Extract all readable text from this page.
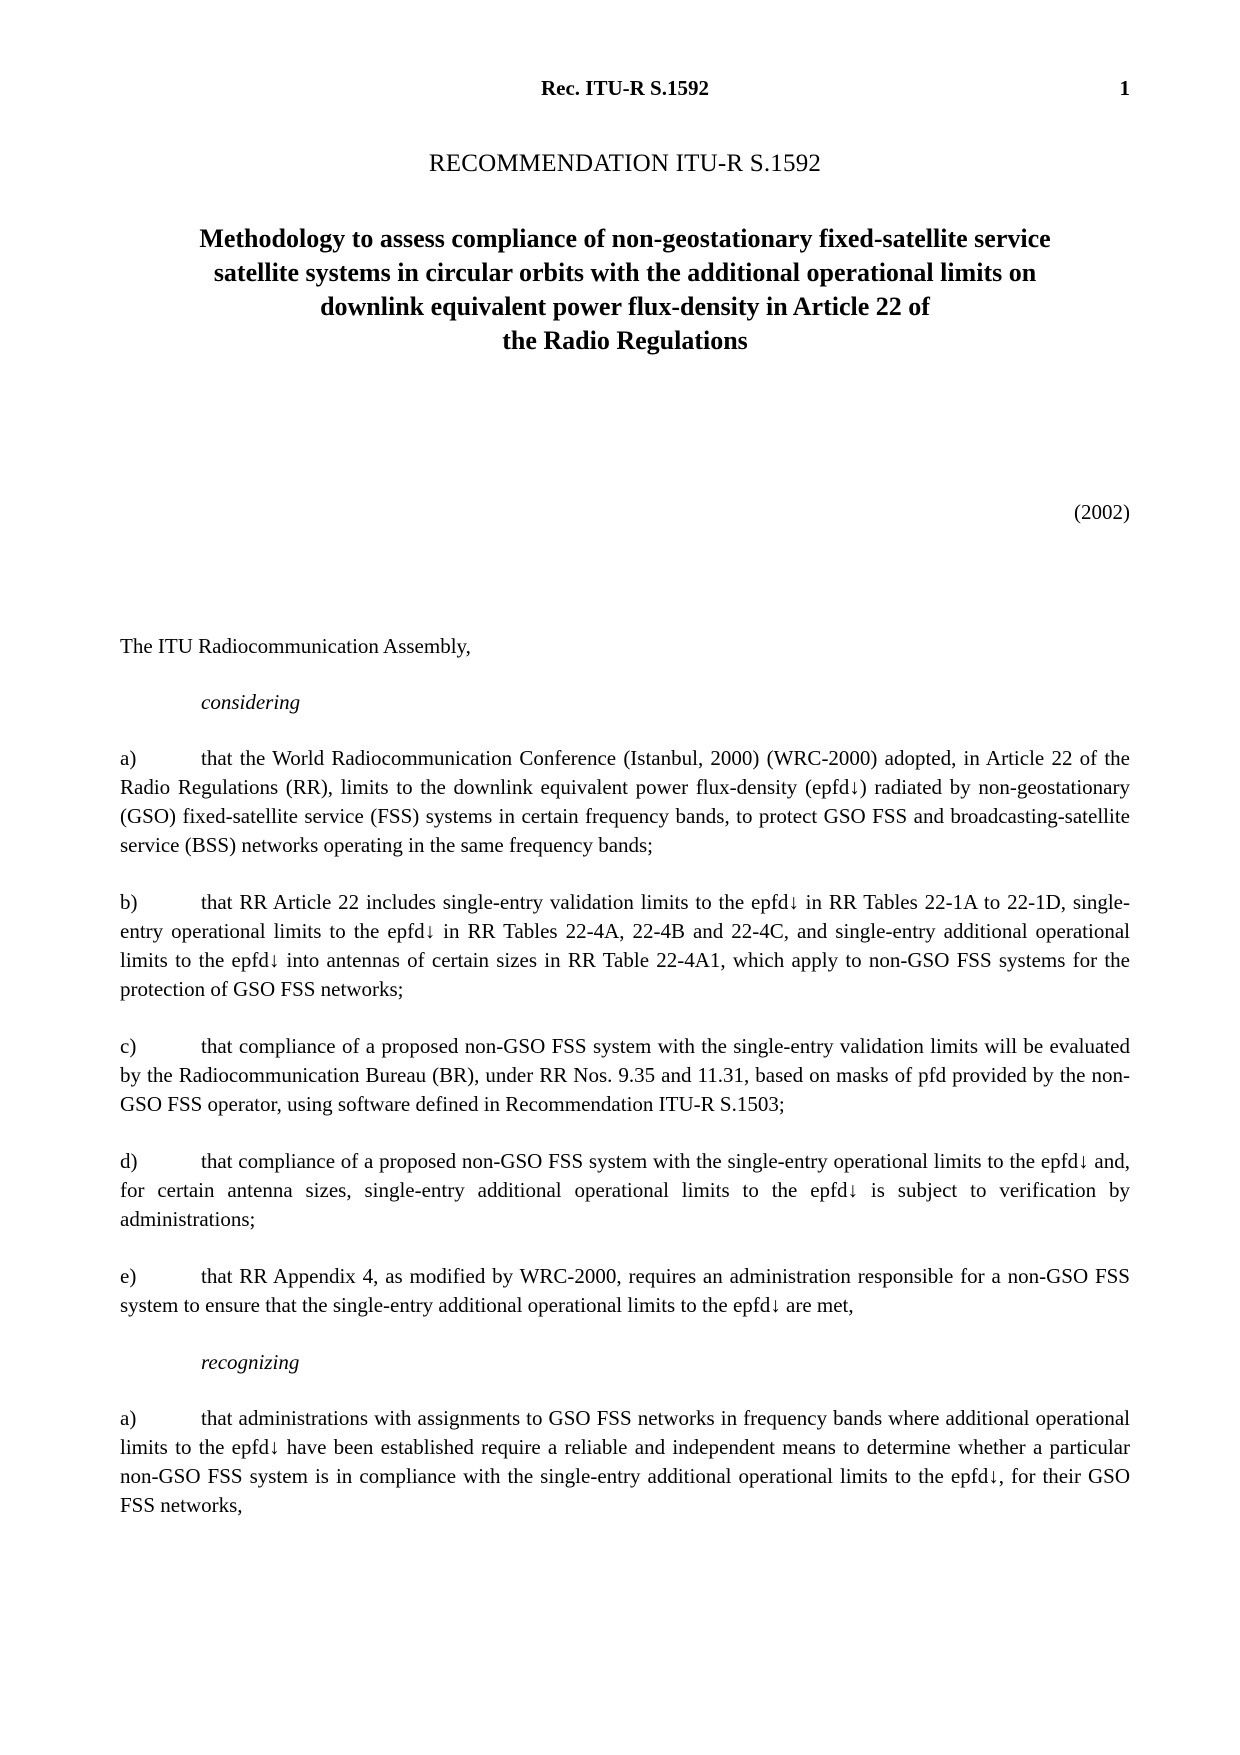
Rec. ITU-R S.1592	1
RECOMMENDATION ITU-R S.1592
Methodology to assess compliance of non-geostationary fixed-satellite service
satellite systems in circular orbits with the additional operational limits on
downlink equivalent power flux-density in Article 22 of
the Radio Regulations
(2002)

The ITU Radiocommunication Assembly,

considering

a)	that the World Radiocommunication Conference (Istanbul, 2000) (WRC-2000) adopted, in Article 22 of the Radio Regulations (RR), limits to the downlink equivalent power flux-density (epfd↓) radiated by non-geostationary (GSO) fixed-satellite service (FSS) systems in certain frequency bands, to protect GSO FSS and broadcasting-satellite service (BSS) networks operating in the same frequency bands;

b)	that RR Article 22 includes single-entry validation limits to the epfd↓ in RR Tables 22-1A to 22-1D, single-entry operational limits to the epfd↓ in RR Tables 22-4A, 22-4B and 22-4C, and single-entry additional operational limits to the epfd↓ into antennas of certain sizes in RR Table 22-4A1, which apply to non-GSO FSS systems for the protection of GSO FSS networks;

c)	that compliance of a proposed non-GSO FSS system with the single-entry validation limits will be evaluated by the Radiocommunication Bureau (BR), under RR Nos. 9.35 and 11.31, based on masks of pfd provided by the non-GSO FSS operator, using software defined in Recommendation ITU-R S.1503;

d)	that compliance of a proposed non-GSO FSS system with the single-entry operational limits to the epfd↓ and, for certain antenna sizes, single-entry additional operational limits to the epfd↓ is subject to verification by administrations;

e)	that RR Appendix 4, as modified by WRC-2000, requires an administration responsible for a non-GSO FSS system to ensure that the single-entry additional operational limits to the epfd↓ are met,

recognizing

a)	that administrations with assignments to GSO FSS networks in frequency bands where additional operational limits to the epfd↓ have been established require a reliable and independent means to determine whether a particular non-GSO FSS system is in compliance with the single-entry additional operational limits to the epfd↓, for their GSO FSS networks,
